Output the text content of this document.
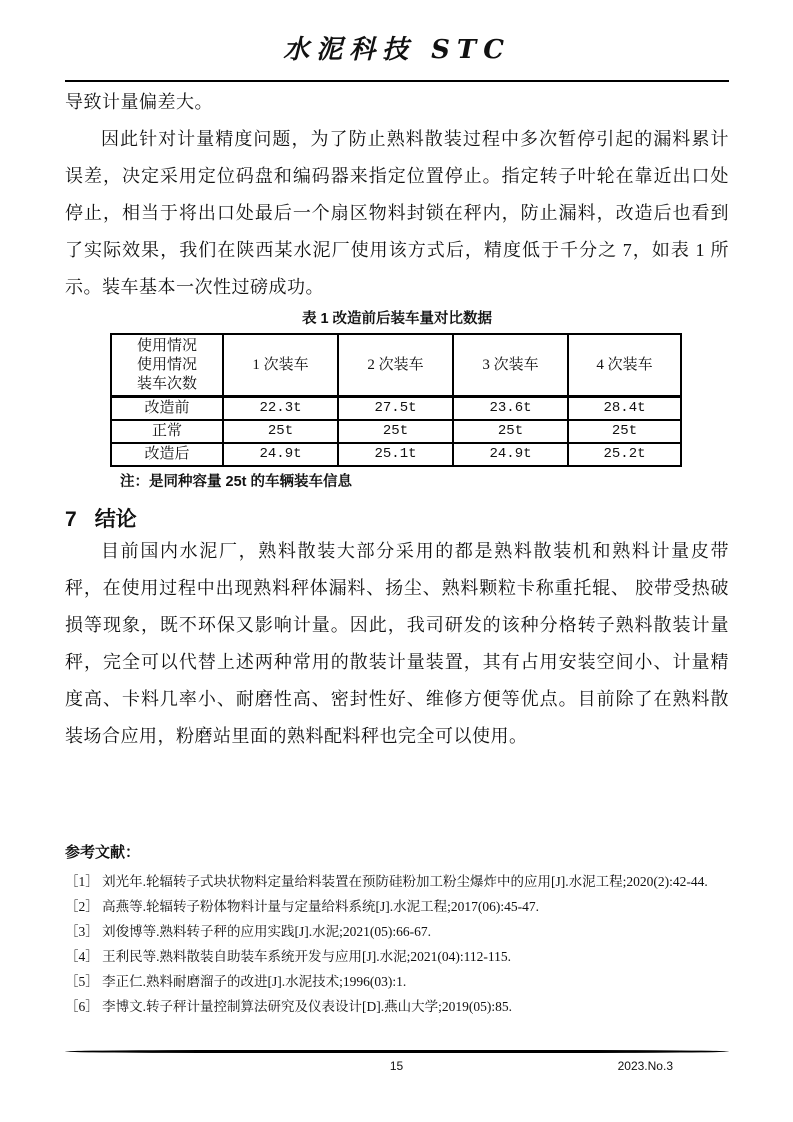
水泥科技 STC

导致计量偏差大。

因此针对计量精度问题，为了防止熟料散装过程中多次暂停引起的漏料累计误差，决定采用定位码盘和编码器来指定位置停止。指定转子叶轮在靠近出口处停止，相当于将出口处最后一个扇区物料封锁在秤内，防止漏料，改造后也看到了实际效果，我们在陕西某水泥厂使用该方式后，精度低于千分之 7，如表 1 所示。装车基本一次性过磅成功。

表 1 改造前后装车量对比数据
使用情况
使用情况
装车次数	1 次装车	2 次装车	3 次装车	4 次装车
改造前	22.3t	27.5t	23.6t	28.4t
正常	25t	25t	25t	25t
改造后	24.9t	25.1t	24.9t	25.2t
注：是同种容量 25t 的车辆装车信息
7 结论

目前国内水泥厂，熟料散装大部分采用的都是熟料散装机和熟料计量皮带秤，在使用过程中出现熟料秤体漏料、扬尘、熟料颗粒卡称重托辊、 胶带受热破损等现象，既不环保又影响计量。因此，我司研发的该种分格转子熟料散装计量秤，完全可以代替上述两种常用的散装计量装置，其有占用安装空间小、计量精度高、卡料几率小、耐磨性高、密封性好、维修方便等优点。目前除了在熟料散装场合应用，粉磨站里面的熟料配料秤也完全可以使用。

参考文献：

［1］ 刘光年.轮辐转子式块状物料定量给料装置在预防硅粉加工粉尘爆炸中的应用[J].水泥工程;2020(2):42-44.

［2］ 高燕等.轮辐转子粉体物料计量与定量给料系统[J].水泥工程;2017(06):45-47.

［3］ 刘俊博等.熟料转子秤的应用实践[J].水泥;2021(05):66-67.

［4］ 王利民等.熟料散装自助装车系统开发与应用[J].水泥;2021(04):112-115.

［5］ 李正仁.熟料耐磨溜子的改进[J].水泥技术;1996(03):1.

［6］ 李博文.转子秤计量控制算法研究及仪表设计[D].燕山大学;2019(05):85.

15	2023.No.3
